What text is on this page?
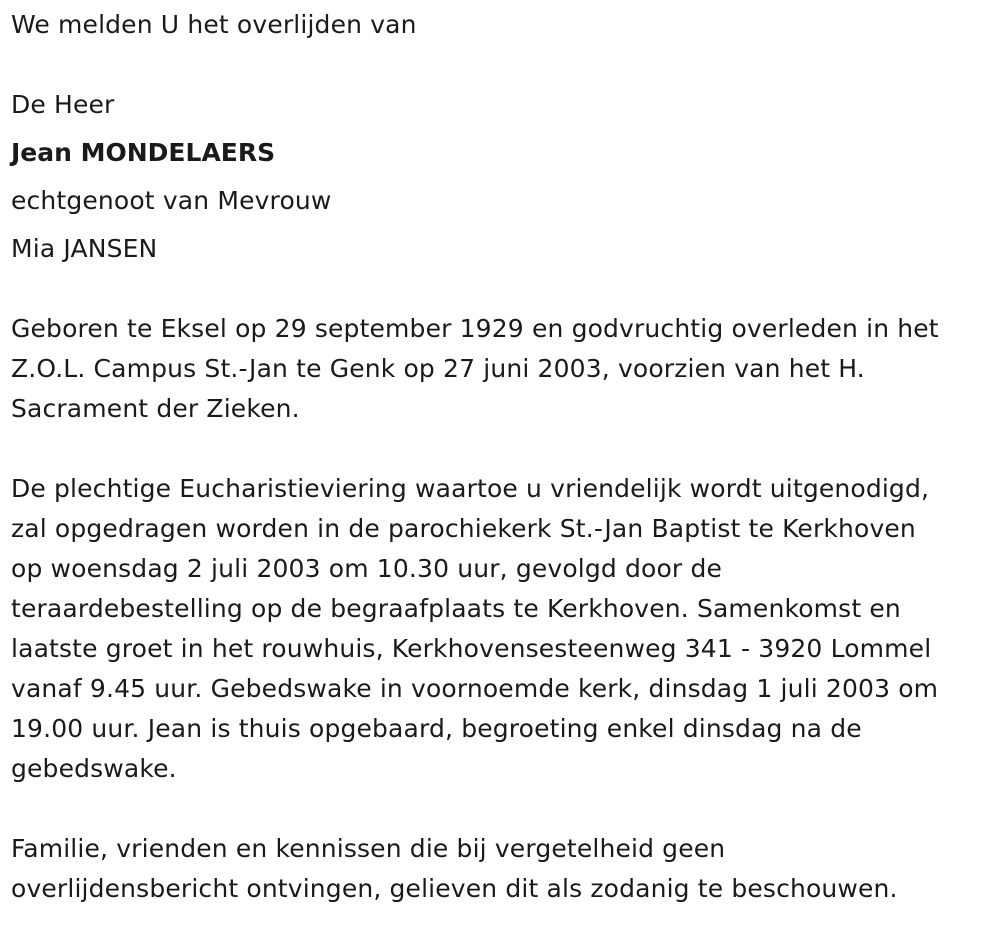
We melden U het overlijden van
De Heer
Jean MONDELAERS
echtgenoot van Mevrouw
Mia JANSEN
Geboren te Eksel op 29 september 1929 en godvruchtig overleden in het
Z.O.L. Campus St.-Jan te Genk op 27 juni 2003, voorzien van het H.
Sacrament der Zieken.
De plechtige Eucharistieviering waartoe u vriendelijk wordt uitgenodigd,
zal opgedragen worden in de parochiekerk St.-Jan Baptist te Kerkhoven
op woensdag 2 juli 2003 om 10.30 uur, gevolgd door de
teraardebestelling op de begraafplaats te Kerkhoven. Samenkomst en
laatste groet in het rouwhuis, Kerkhovensesteenweg 341 - 3920 Lommel
vanaf 9.45 uur. Gebedswake in voornoemde kerk, dinsdag 1 juli 2003 om
19.00 uur. Jean is thuis opgebaard, begroeting enkel dinsdag na de
gebedswake.
Familie, vrienden en kennissen die bij vergetelheid geen
overlijdensbericht ontvingen, gelieven dit als zodanig te beschouwen.
